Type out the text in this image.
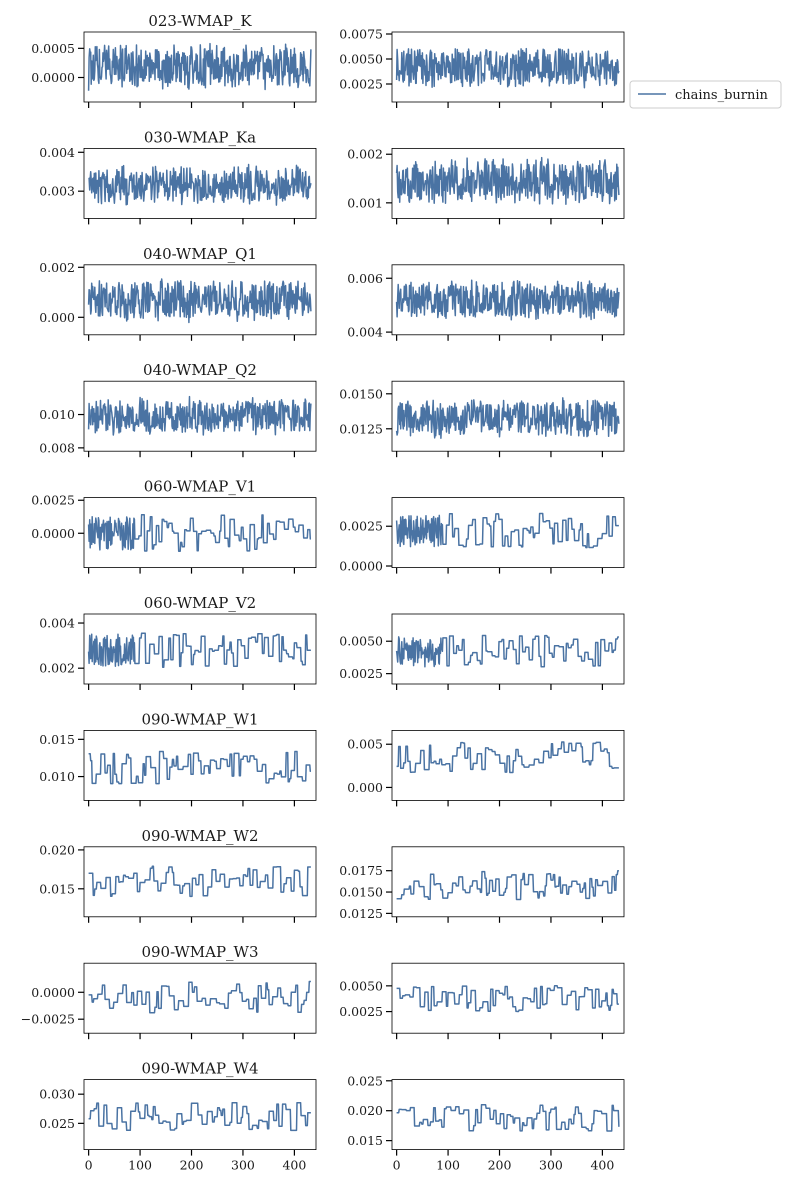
023-WMAP_K
0.0000
0.0005
0.0025
0.0050
0.0075
030-WMAP_Ka
0.003
0.004
0.001
0.002
040-WMAP_Q1
0.000
0.002
0.004
0.006
040-WMAP_Q2
0.008
0.010
0.0125
0.0150
060-WMAP_V1
0.0000
0.0025
0.0000
0.0025
060-WMAP_V2
0.002
0.004
0.0025
0.0050
090-WMAP_W1
0.010
0.015
0.000
0.005
090-WMAP_W2
0.015
0.020
0.0125
0.0150
0.0175
090-WMAP_W3
−0.0025
0.0000
0.0025
0.0050
090-WMAP_W4
0.025
0.030
0	100 200 300 400
0.015
0.020
0.025
0	100 200 300 400
chains_burnin
